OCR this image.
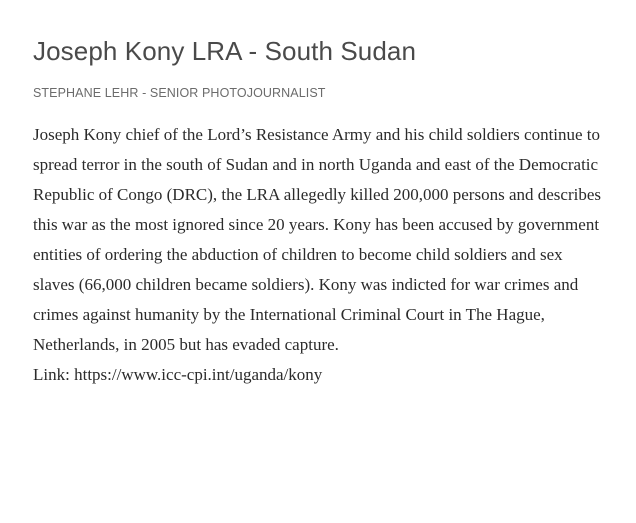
Joseph Kony LRA - South Sudan
STEPHANE LEHR - SENIOR PHOTOJOURNALIST

Joseph Kony chief of the Lord’s Resistance Army and his child soldiers continue to spread terror in the south of Sudan and in north Uganda and east of the Democratic Republic of Congo (DRC), the LRA allegedly killed 200,000 persons and describes this war as the most ignored since 20 years. Kony has been accused by government entities of ordering the abduction of children to become child soldiers and sex slaves (66,000 children became soldiers). Kony was indicted for war crimes and crimes against humanity by the International Criminal Court in The Hague, Netherlands, in 2005 but has evaded capture.

Link: https://www.icc-cpi.int/uganda/kony
